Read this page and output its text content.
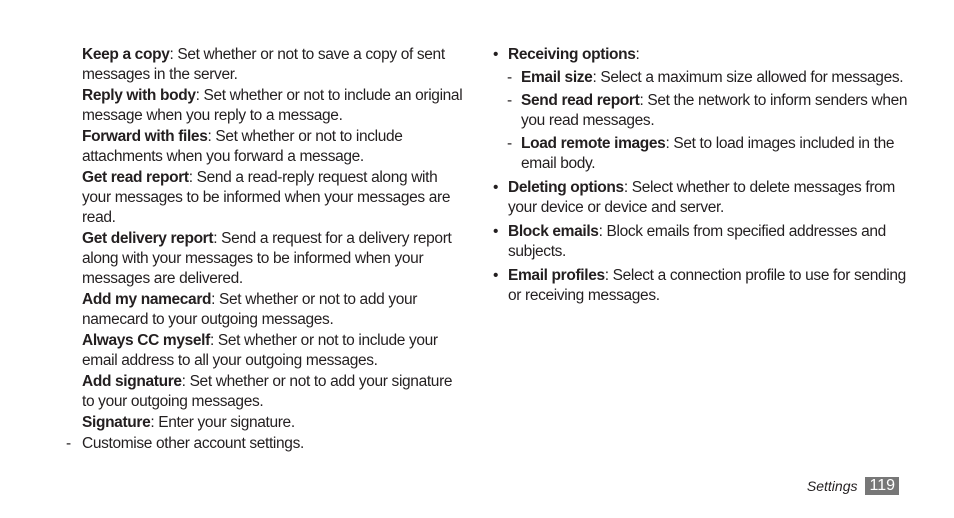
Keep a copy: Set whether or not to save a copy of sent messages in the server.
Reply with body: Set whether or not to include an original message when you reply to a message.
Forward with files: Set whether or not to include attachments when you forward a message.
Get read report: Send a read-reply request along with your messages to be informed when your messages are read.
Get delivery report: Send a request for a delivery report along with your messages to be informed when your messages are delivered.
Add my namecard: Set whether or not to add your namecard to your outgoing messages.
Always CC myself: Set whether or not to include your email address to all your outgoing messages.
Add signature: Set whether or not to add your signature to your outgoing messages.
Signature: Enter your signature.
- Customise other account settings.
• Receiving options:
- Email size: Select a maximum size allowed for messages.
- Send read report: Set the network to inform senders when you read messages.
- Load remote images: Set to load images included in the email body.
• Deleting options: Select whether to delete messages from your device or device and server.
• Block emails: Block emails from specified addresses and subjects.
• Email profiles: Select a connection profile to use for sending or receiving messages.
Settings 119
